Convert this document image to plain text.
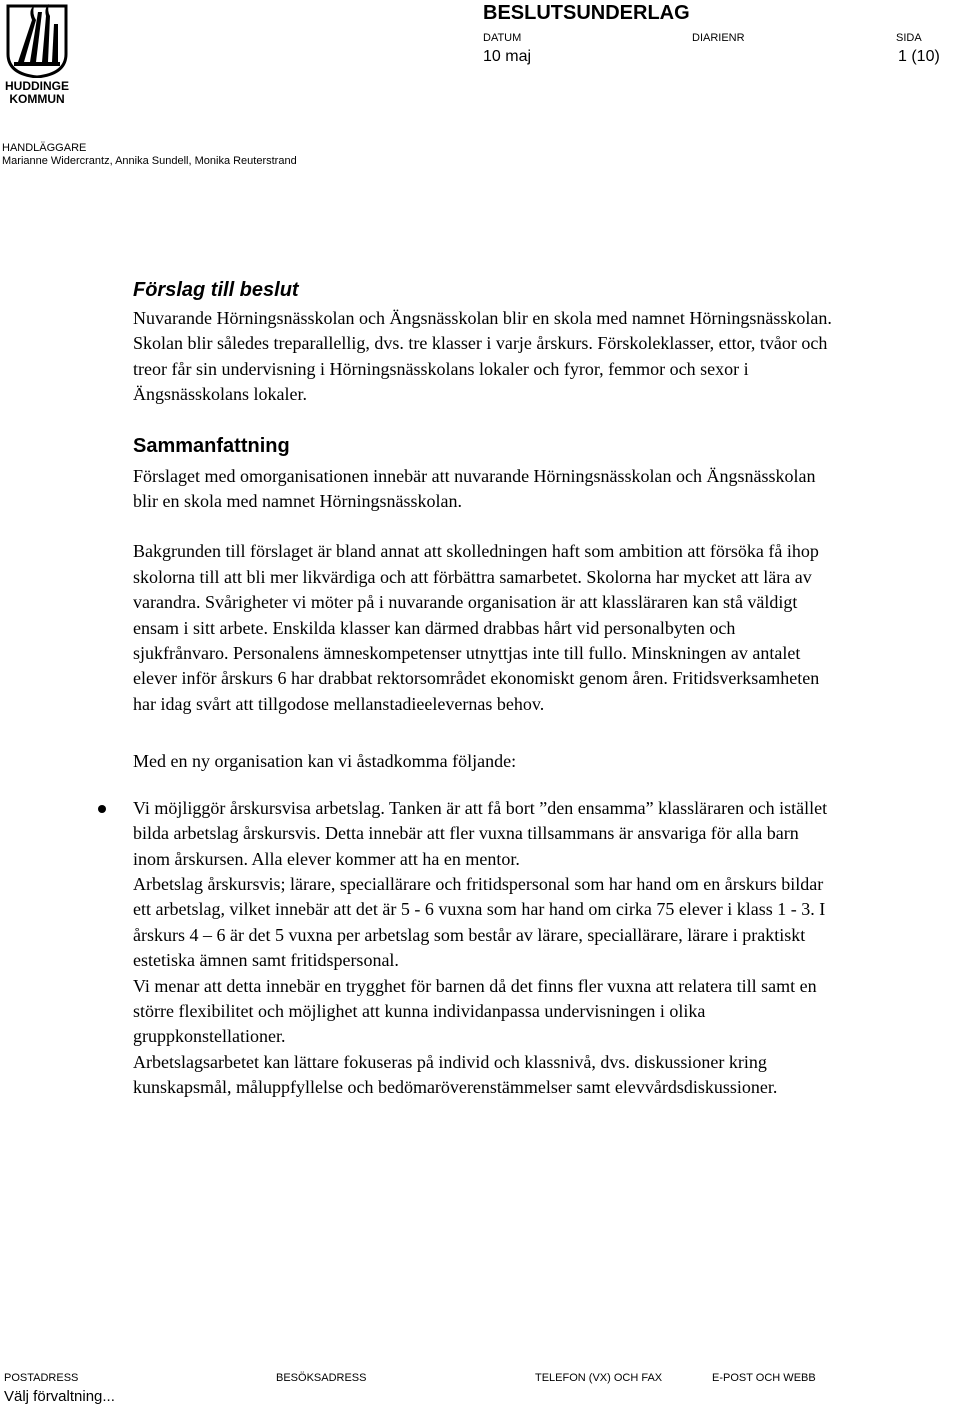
HUDDINGE
KOMMUN
BESLUTSUNDERLAG
DATUM	DIARIENR	SIDA
10 maj	1 (10)
HANDLÄGGARE
Marianne Widercrantz, Annika Sundell, Monika Reuterstrand
Förslag till beslut

Nuvarande Hörningsnässkolan och Ängsnässkolan blir en skola med namnet Hörningsnässkolan. Skolan blir således treparallellig, dvs. tre klasser i varje årskurs. Förskoleklasser, ettor, tvåor och treor får sin undervisning i Hörningsnässkolans lokaler och fyror, femmor och sexor i Ängsnässkolans lokaler.

Sammanfattning

Förslaget med omorganisationen innebär att nuvarande Hörningsnässkolan och Ängsnässkolan blir en skola med namnet Hörningsnässkolan.

Bakgrunden till förslaget är bland annat att skolledningen haft som ambition att försöka få ihop skolorna till att bli mer likvärdiga och att förbättra samarbetet. Skolorna har mycket att lära av varandra. Svårigheter vi möter på i nuvarande organisation är att klassläraren kan stå väldigt ensam i sitt arbete. Enskilda klasser kan därmed drabbas hårt vid personalbyten och sjukfrånvaro. Personalens ämneskompetenser utnyttjas inte till fullo. Minskningen av antalet elever inför årskurs 6 har drabbat rektorsområdet ekonomiskt genom åren. Fritidsverksamheten har idag svårt att tillgodose mellanstadieelevernas behov.

Med en ny organisation kan vi åstadkomma följande:

Vi möjliggör årskursvisa arbetslag. Tanken är att få bort ”den ensamma” klassläraren och istället bilda arbetslag årskursvis. Detta innebär att fler vuxna tillsammans är ansvariga för alla barn inom årskursen. Alla elever kommer att ha en mentor.

Arbetslag årskursvis; lärare, speciallärare och fritidspersonal som har hand om en årskurs bildar ett arbetslag, vilket innebär att det är 5 - 6 vuxna som har hand om cirka 75 elever i klass 1 - 3. I årskurs 4 – 6 är det 5 vuxna per arbetslag som består av lärare, speciallärare, lärare i praktiskt estetiska ämnen samt fritidspersonal.

Vi menar att detta innebär en trygghet för barnen då det finns fler vuxna att relatera till samt en större flexibilitet och möjlighet att kunna individanpassa undervisningen i olika gruppkonstellationer.

Arbetslagsarbetet kan lättare fokuseras på individ och klassnivå, dvs. diskussioner kring kunskapsmål, måluppfyllelse och bedömaröverenstämmelser samt elevvårdsdiskussioner.

POSTADRESS	BESÖKSADRESS	TELEFON (VX) OCH FAX	E-POST OCH WEBB
Välj förvaltning...
